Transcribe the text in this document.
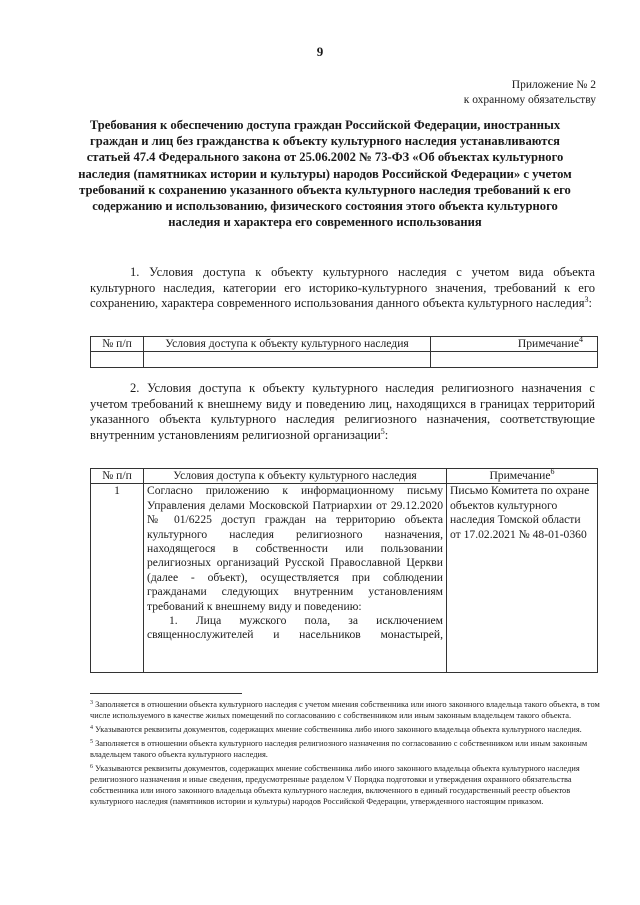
9
Приложение № 2
к охранному обязательству
Требования к обеспечению доступа граждан Российской Федерации, иностранных граждан и лиц без гражданства к объекту культурного наследия устанавливаются статьей 47.4 Федерального закона от 25.06.2002 № 73-ФЗ «Об объектах культурного наследия (памятниках истории и культуры) народов Российской Федерации» с учетом требований к сохранению указанного объекта культурного наследия требований к его содержанию и использованию, физического состояния этого объекта культурного наследия и характера его современного использования

1. Условия доступа к объекту культурного наследия с учетом вида объекта культурного наследия, категории его историко-культурного значения, требований к его сохранению, характера современного использования данного объекта культурного наследия$^3$:

№ п/п	Условия доступа к объекту культурного наследия	Примечание$^4$

2. Условия доступа к объекту культурного наследия религиозного назначения с учетом требований к внешнему виду и поведению лиц, находящихся в границах территорий указанного объекта культурного наследия религиозного назначения, соответствующие внутренним установлениям религиозной организации$^5$:

№ п/п	Условия доступа к объекту культурного наследия	Примечание$^6$
1	Согласно приложению к информационному письму Управления делами Московской Патриархии от 29.12.2020 № 01/6225 доступ граждан на территорию объекта культурного наследия религиозного назначения, находящегося в собственности или пользовании религиозных организаций Русской Православной Церкви (далее - объект), осуществляется при соблюдении гражданами следующих внутренним установлениям требований к внешнему виду и поведению:
1. Лица мужского пола, за исключением
священнослужителей и насельников монастырей,	Письмо Комитета по охране объектов культурного наследия Томской области от 17.02.2021 № 48-01-0360

$^3$ Заполняется в отношении объекта культурного наследия с учетом мнения собственника или иного законного владельца такого объекта, в том числе используемого в качестве жилых помещений по согласованию с собственником или иным законным владельцем такого объекта.

$^4$ Указываются реквизиты документов, содержащих мнение собственника либо иного законного владельца объекта культурного наследия.

$^5$ Заполняется в отношении объекта культурного наследия религиозного назначения по согласованию с собственником или иным законным владельцем такого объекта культурного наследия.

$^6$ Указываются реквизиты документов, содержащих мнение собственника либо иного законного владельца объекта культурного наследия религиозного назначения и иные сведения, предусмотренные разделом V Порядка подготовки и утверждения охранного обязательства собственника или иного законного владельца объекта культурного наследия, включенного в единый государственный реестр объектов культурного наследия (памятников истории и культуры) народов Российской Федерации, утвержденного настоящим приказом.
